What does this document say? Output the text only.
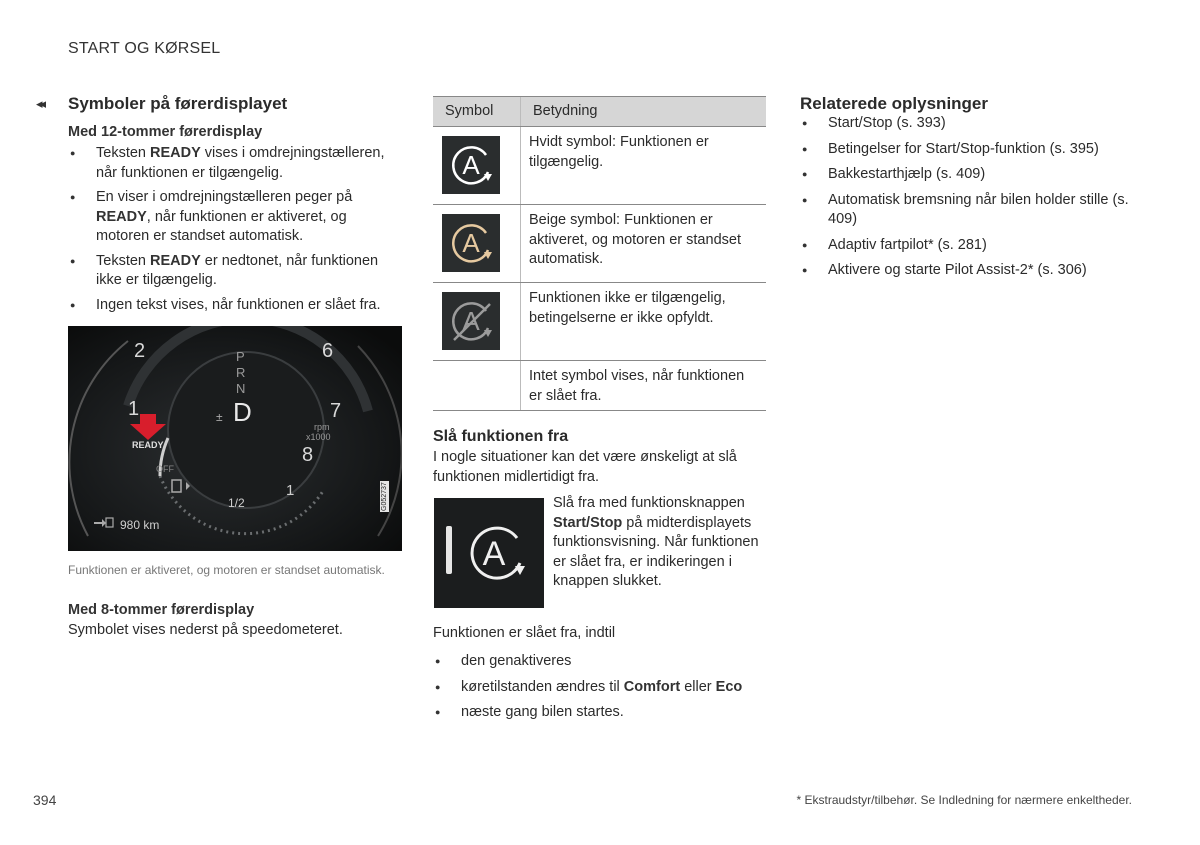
START OG KØRSEL
◂◂ Symboler på førerdisplayet
Med 12-tommer førerdisplay
● Teksten READY vises i omdrejningstælleren, når funktionen er tilgængelig.
● En viser i omdrejningstælleren peger på READY, når funktionen er aktiveret, og motoren er standset automatisk.
● Teksten READY er nedtonet, når funktionen ikke er tilgængelig.
● Ingen tekst vises, når funktionen er slået fra.
2	6
1	7
8
1
1/2
P
R
N
D
±
rpm
x1000
READY
OFF
980 km
G052737
Funktionen er aktiveret, og motoren er standset automatisk.
Med 8-tommer førerdisplay

Symbolet vises nederst på speedometeret.

Symbol	Betydning

A	Hvidt symbol: Funktionen er tilgængelig.

A	Beige symbol: Funktionen er aktiveret, og motoren er standset automatisk.

A	Funktionen ikke er tilgængelig, betingelserne er ikke opfyldt.
	Intet symbol vises, når funktionen er slået fra.
Slå funktionen fra

I nogle situationer kan det være ønskeligt at slå funktionen midlertidigt fra.

A

Slå fra med funktionsknappen Start/Stop på midterdisplayets funktionsvisning. Når funktionen er slået fra, er indikeringen i knappen slukket.

Funktionen er slået fra, indtil

● den genaktiveres
● køretilstanden ændres til Comfort eller Eco
● næste gang bilen startes.
Relaterede oplysninger
● Start/Stop (s. 393)
● Betingelser for Start/Stop-funktion (s. 395)
● Bakkestarthjælp (s. 409)
● Automatisk bremsning når bilen holder stille (s. 409)
● Adaptiv fartpilot* (s. 281)
● Aktivere og starte Pilot Assist-2* (s. 306)
394	* Ekstraudstyr/tilbehør. Se Indledning for nærmere enkeltheder.
